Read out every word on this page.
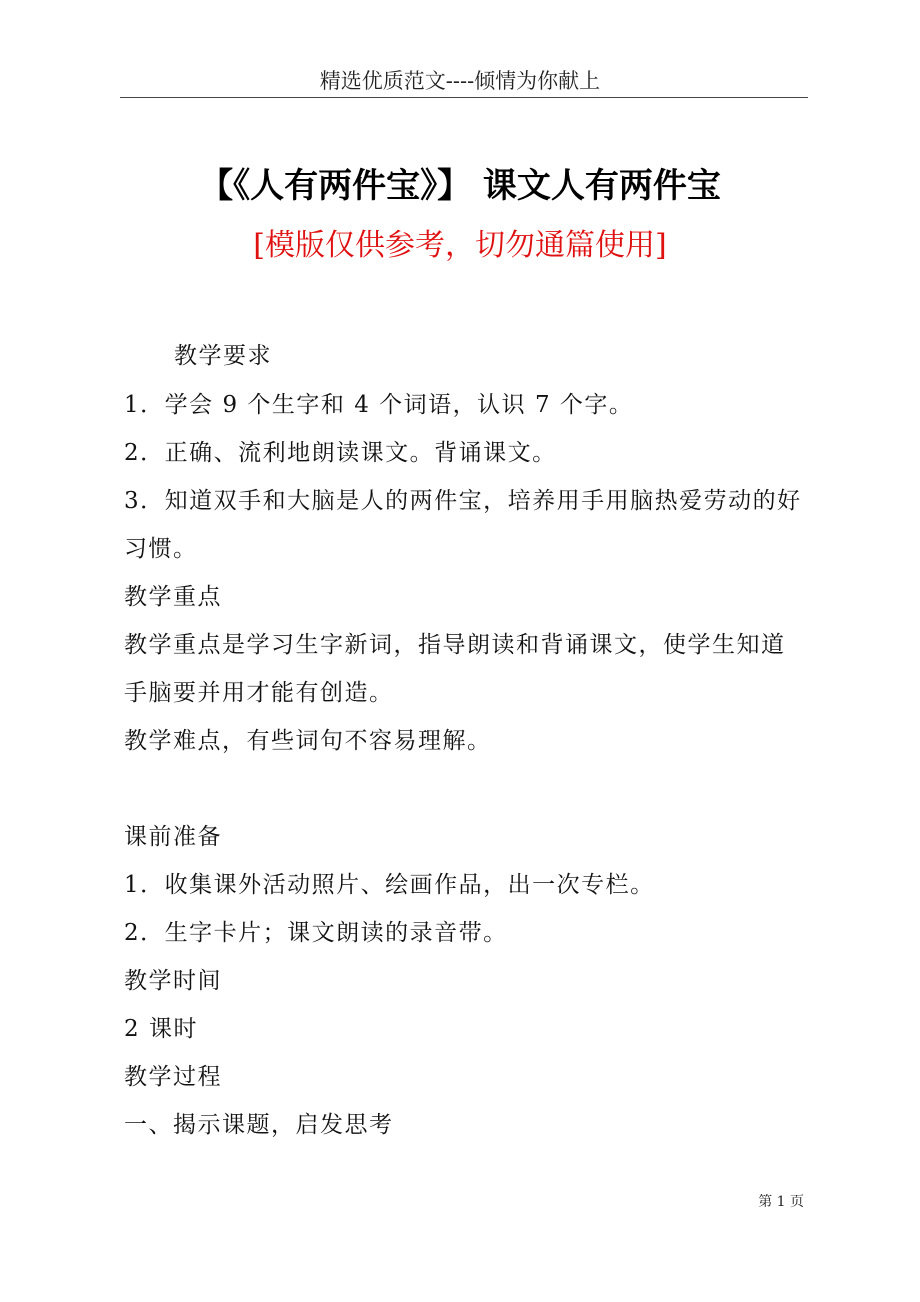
精选优质范文----倾情为你献上
【《人有两件宝》】 课文人有两件宝
[模版仅供参考，切勿通篇使用]
教学要求
1．学会 9 个生字和 4 个词语，认识 7 个字。
2．正确、流利地朗读课文。背诵课文。
3．知道双手和大脑是人的两件宝，培养用手用脑热爱劳动的好
习惯。
教学重点
教学重点是学习生字新词，指导朗读和背诵课文，使学生知道
手脑要并用才能有创造。
教学难点，有些词句不容易理解。
课前准备
1．收集课外活动照片、绘画作品，出一次专栏。
2．生字卡片；课文朗读的录音带。
教学时间
2 课时
教学过程
一、揭示课题，启发思考
第 1 页
